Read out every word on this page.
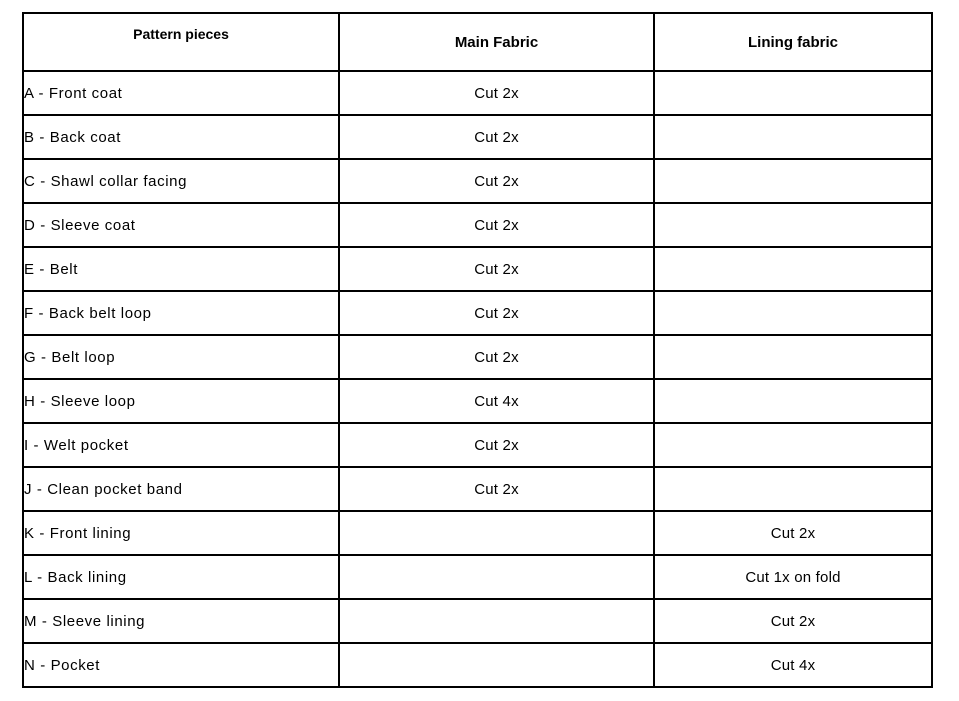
Pattern pieces	Main Fabric	Lining fabric
A - Front coat	Cut 2x	
B - Back coat	Cut 2x	
C - Shawl collar facing	Cut 2x	
D - Sleeve coat	Cut 2x	
E - Belt	Cut 2x	
F - Back belt loop	Cut 2x	
G - Belt loop	Cut 2x	
H - Sleeve loop	Cut 4x	
I - Welt pocket	Cut 2x	
J - Clean pocket band	Cut 2x	
K - Front lining		Cut 2x
L - Back lining		Cut 1x on fold
M - Sleeve lining		Cut 2x
N - Pocket		Cut 4x
